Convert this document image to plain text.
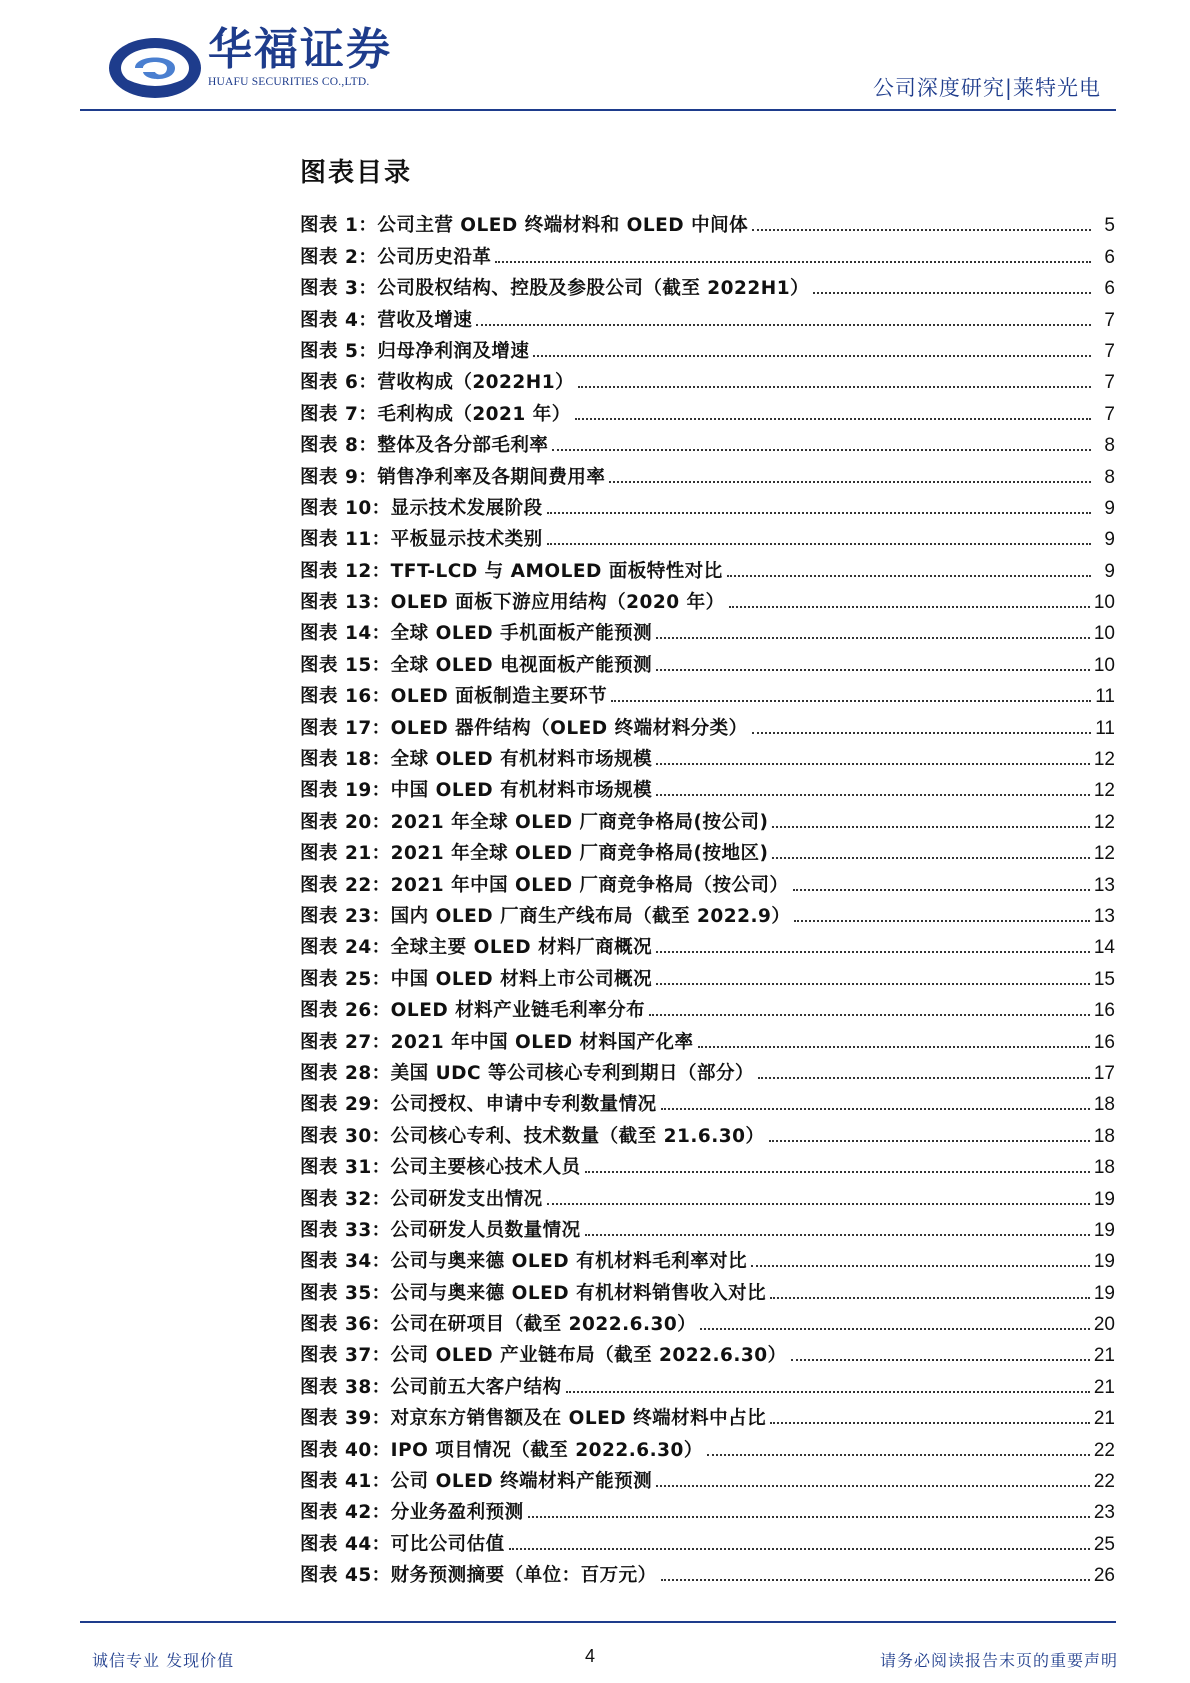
华福证券
HUAFU SECURITIES CO.,LTD.	公司深度研究|莱特光电
图表目录
图表 1：公司主营 OLED 终端材料和 OLED 中间体	5
图表 2：公司历史沿革	6
图表 3：公司股权结构、控股及参股公司（截至 2022H1）	6
图表 4：营收及增速	7
图表 5：归母净利润及增速	7
图表 6：营收构成（2022H1）	7
图表 7：毛利构成（2021 年）	7
图表 8：整体及各分部毛利率	8
图表 9：销售净利率及各期间费用率	8
图表 10：显示技术发展阶段	9
图表 11：平板显示技术类别	9
图表 12：TFT-LCD 与 AMOLED 面板特性对比	9
图表 13：OLED 面板下游应用结构（2020 年）	10
图表 14：全球 OLED 手机面板产能预测	10
图表 15：全球 OLED 电视面板产能预测	10
图表 16：OLED 面板制造主要环节	11
图表 17：OLED 器件结构（OLED 终端材料分类）	11
图表 18：全球 OLED 有机材料市场规模	12
图表 19：中国 OLED 有机材料市场规模	12
图表 20：2021 年全球 OLED 厂商竞争格局(按公司)	12
图表 21：2021 年全球 OLED 厂商竞争格局(按地区)	12
图表 22：2021 年中国 OLED 厂商竞争格局（按公司）	13
图表 23：国内 OLED 厂商生产线布局（截至 2022.9）	13
图表 24：全球主要 OLED 材料厂商概况	14
图表 25：中国 OLED 材料上市公司概况	15
图表 26：OLED 材料产业链毛利率分布	16
图表 27：2021 年中国 OLED 材料国产化率	16
图表 28：美国 UDC 等公司核心专利到期日（部分）	17
图表 29：公司授权、申请中专利数量情况	18
图表 30：公司核心专利、技术数量（截至 21.6.30）	18
图表 31：公司主要核心技术人员	18
图表 32：公司研发支出情况	19
图表 33：公司研发人员数量情况	19
图表 34：公司与奥来德 OLED 有机材料毛利率对比	19
图表 35：公司与奥来德 OLED 有机材料销售收入对比	19
图表 36：公司在研项目（截至 2022.6.30）	20
图表 37：公司 OLED 产业链布局（截至 2022.6.30）	21
图表 38：公司前五大客户结构	21
图表 39：对京东方销售额及在 OLED 终端材料中占比	21
图表 40：IPO 项目情况（截至 2022.6.30）	22
图表 41：公司 OLED 终端材料产能预测	22
图表 42：分业务盈利预测	23
图表 44：可比公司估值	25
图表 45：财务预测摘要（单位：百万元）	26
诚信专业 发现价值	4	请务必阅读报告末页的重要声明
